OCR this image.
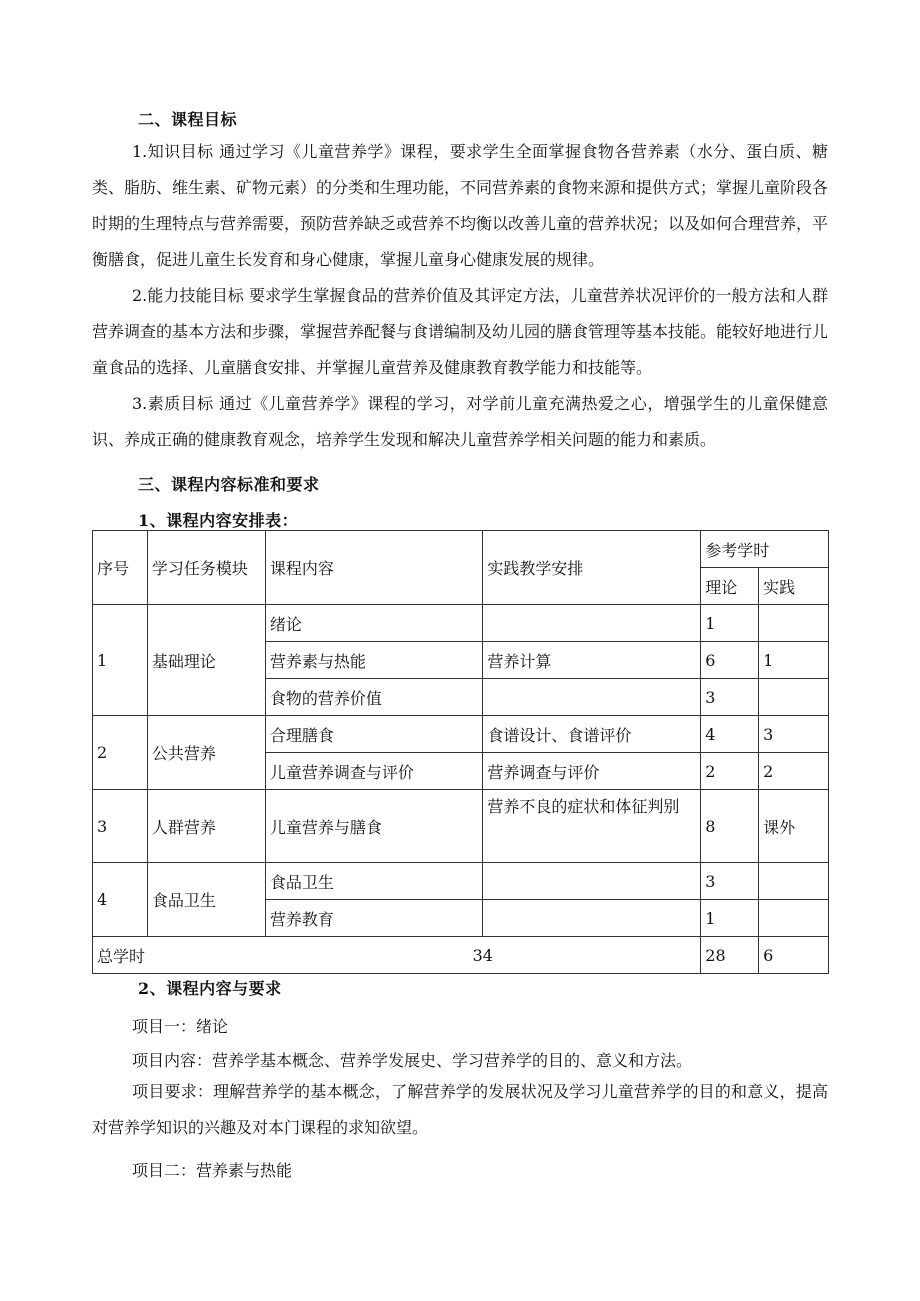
二、课程目标
1.知识目标 通过学习《儿童营养学》课程，要求学生全面掌握食物各营养素（水分、蛋白质、糖类、脂肪、维生素、矿物元素）的分类和生理功能，不同营养素的食物来源和提供方式；掌握儿童阶段各时期的生理特点与营养需要，预防营养缺乏或营养不均衡以改善儿童的营养状况；以及如何合理营养，平衡膳食，促进儿童生长发育和身心健康，掌握儿童身心健康发展的规律。
2.能力技能目标 要求学生掌握食品的营养价值及其评定方法，儿童营养状况评价的一般方法和人群营养调查的基本方法和步骤，掌握营养配餐与食谱编制及幼儿园的膳食管理等基本技能。能较好地进行儿童食品的选择、儿童膳食安排、并掌握儿童营养及健康教育教学能力和技能等。
3.素质目标 通过《儿童营养学》课程的学习，对学前儿童充满热爱之心，增强学生的儿童保健意识、养成正确的健康教育观念，培养学生发现和解决儿童营养学相关问题的能力和素质。
三、课程内容标准和要求
1、课程内容安排表：
序号	学习任务模块	课程内容	实践教学安排	参考学时	
				理论	实践
1	基础理论	绪论		1	
		营养素与热能	营养计算	6	1
		食物的营养价值		3	
2	公共营养	合理膳食	食谱设计、食谱评价	4	3
		儿童营养调查与评价	营养调查与评价	2	2
3	人群营养	儿童营养与膳食	营养不良的症状和体征判别	8	课外
4	食品卫生	食品卫生		3	
		营养教育		1	
总学时		34		28	6
2、课程内容与要求
项目一：绪论
项目内容：营养学基本概念、营养学发展史、学习营养学的目的、意义和方法。
项目要求：理解营养学的基本概念，了解营养学的发展状况及学习儿童营养学的目的和意义，提高对营养学知识的兴趣及对本门课程的求知欲望。
项目二：营养素与热能
